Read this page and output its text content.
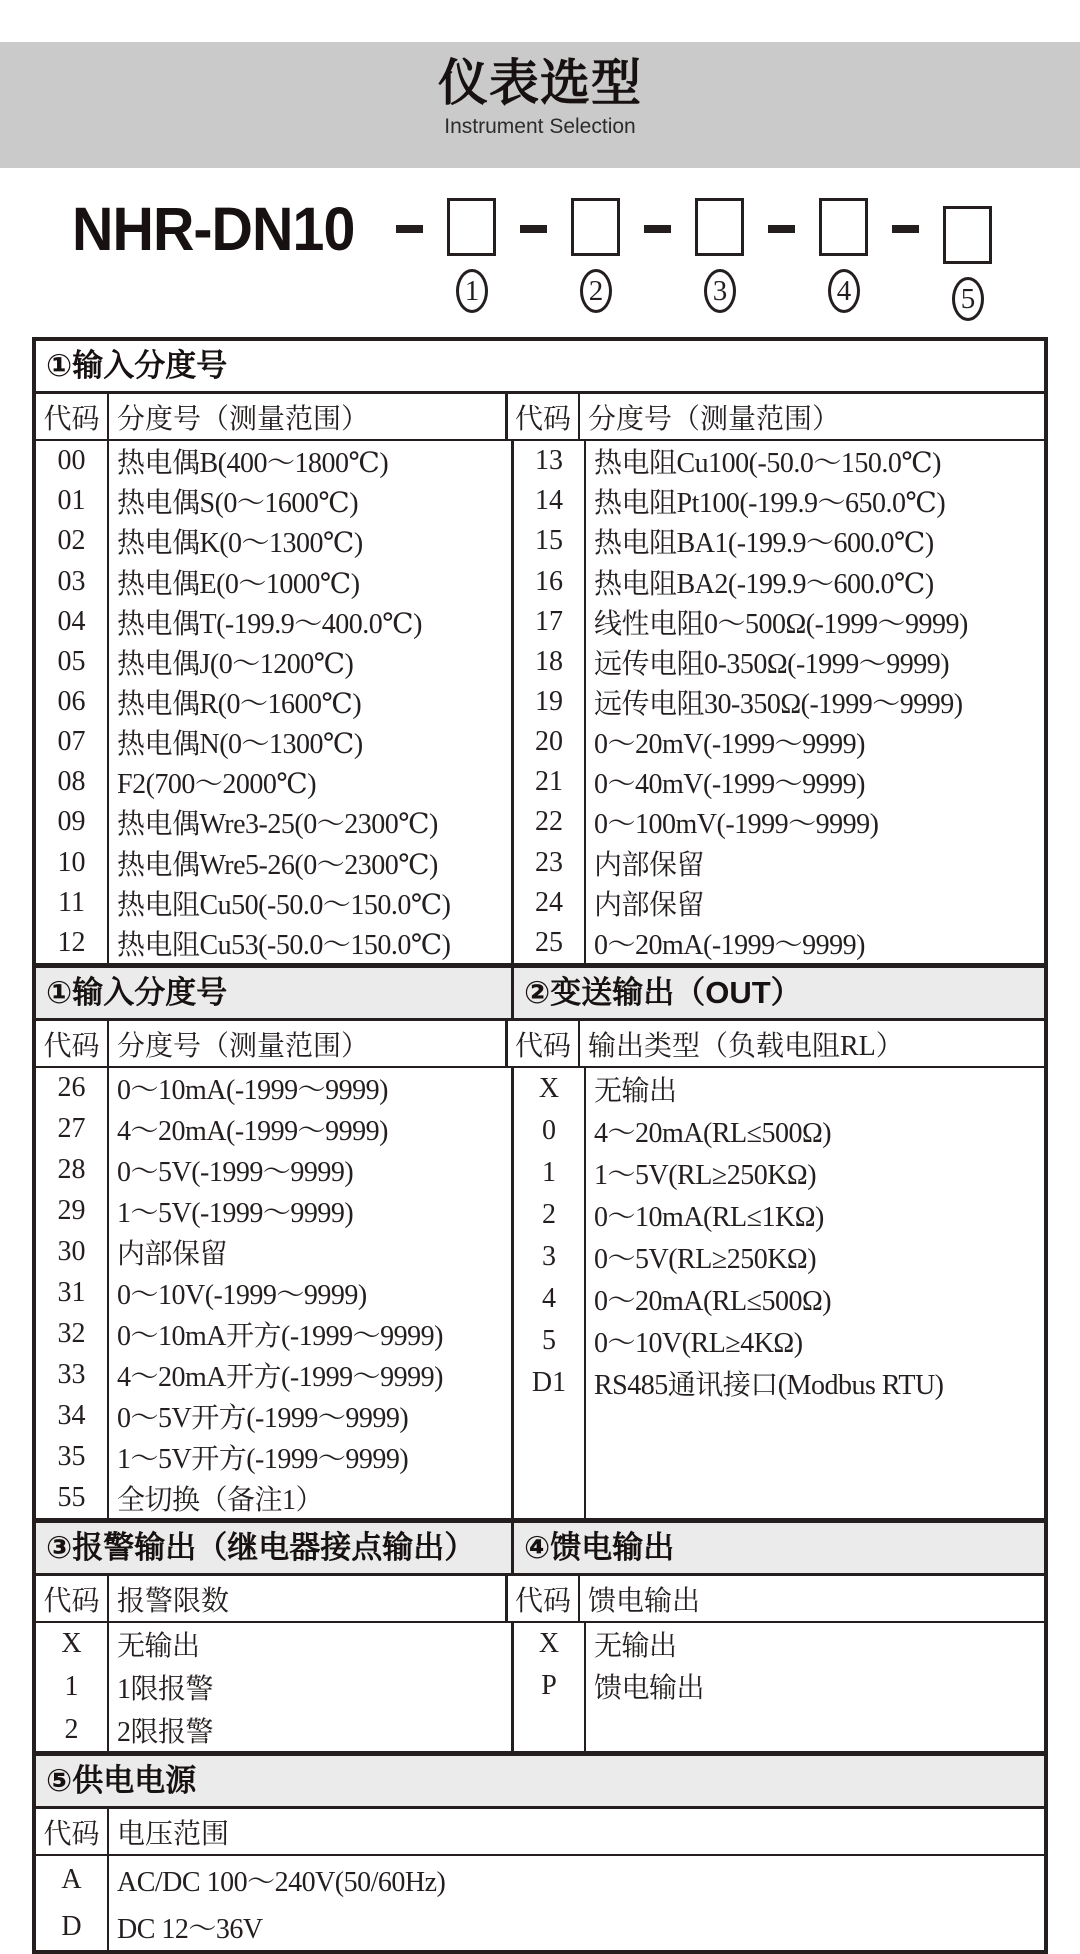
仪表选型
Instrument Selection
NHR-DN10
1	2	3	4	5
①输入分度号
代码 分度号（测量范围）	代码 分度号（测量范围）
00	热电偶B(400～1800℃)
01	热电偶S(0～1600℃)
02	热电偶K(0～1300℃)
03	热电偶E(0～1000℃)
04	热电偶T(-199.9～400.0℃)
05	热电偶J(0～1200℃)
06	热电偶R(0～1600℃)
07	热电偶N(0～1300℃)
08	F2(700～2000℃)
09	热电偶Wre3-25(0～2300℃)
10	热电偶Wre5-26(0～2300℃)
11	热电阻Cu50(-50.0～150.0℃)
12	热电阻Cu53(-50.0～150.0℃)
13	热电阻Cu100(-50.0～150.0℃)
14	热电阻Pt100(-199.9～650.0℃)
15	热电阻BA1(-199.9～600.0℃)
16	热电阻BA2(-199.9～600.0℃)
17	线性电阻0～500Ω(-1999～9999)
18	远传电阻0-350Ω(-1999～9999)
19	远传电阻30-350Ω(-1999～9999)
20	0～20mV(-1999～9999)
21	0～40mV(-1999～9999)
22	0～100mV(-1999～9999)
23	内部保留
24	内部保留
25	0～20mA(-1999～9999)
①输入分度号	②变送输出（OUT）
代码 分度号（测量范围）	代码 输出类型（负载电阻RL）
26	0～10mA(-1999～9999)
27	4～20mA(-1999～9999)
28	0～5V(-1999～9999)
29	1～5V(-1999～9999)
30	内部保留
31	0～10V(-1999～9999)
32	0～10mA开方(-1999～9999)
33	4～20mA开方(-1999～9999)
34	0～5V开方(-1999～9999)
35	1～5V开方(-1999～9999)
55	全切换（备注1）
X	无输出
0	4～20mA(RL≤500Ω)
1	1～5V(RL≥250KΩ)
2	0～10mA(RL≤1KΩ)
3	0～5V(RL≥250KΩ)
4	0～20mA(RL≤500Ω)
5	0～10V(RL≥4KΩ)
D1 RS485通讯接口(Modbus RTU)
③报警输出（继电器接点输出）	④馈电输出
代码 报警限数	代码 馈电输出
X	无输出
1	1限报警
2	2限报警
X	无输出
P	馈电输出
⑤供电电源
代码 电压范围
A	AC/DC 100～240V(50/60Hz)
D	DC 12～36V
